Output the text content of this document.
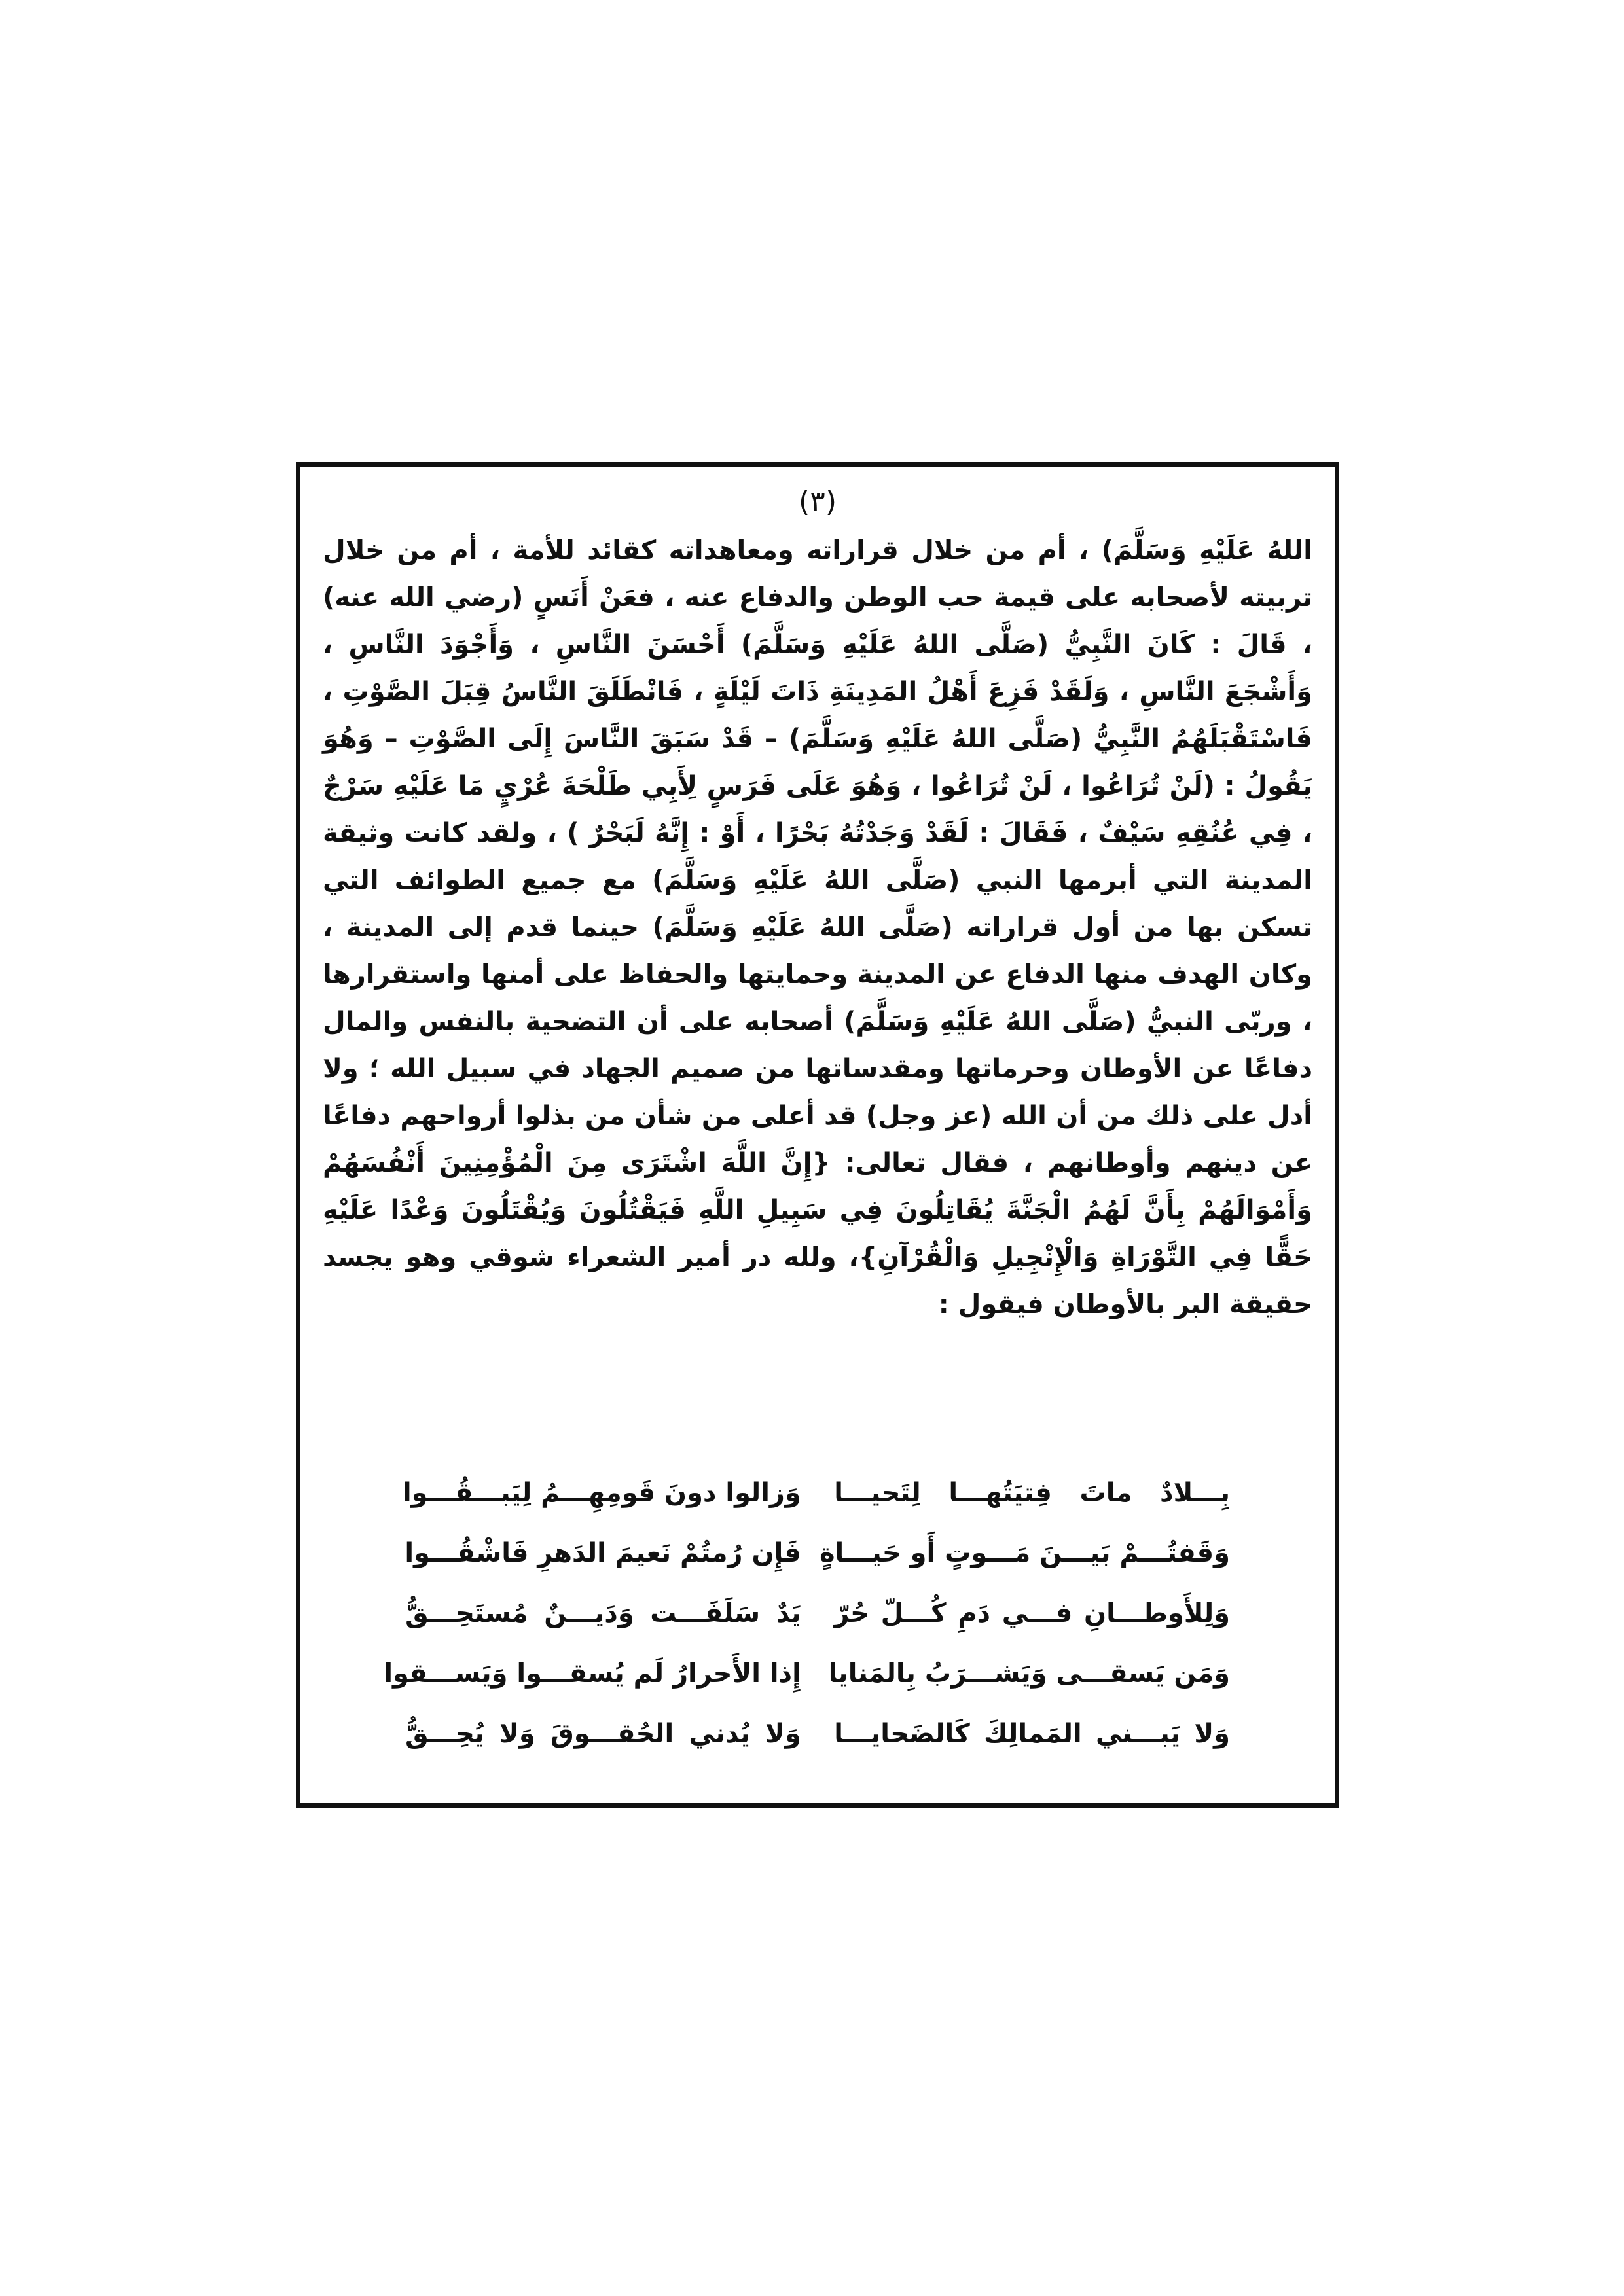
(٣)

اللهُ عَلَيْهِ وَسَلَّمَ) ، أم من خلال قراراته ومعاهداته كقائد للأمة ، أم من خلال تربيته لأصحابه على قيمة حب الوطن والدفاع عنه ، فعَنْ أَنَسٍ (رضي الله عنه) ، قَالَ : كَانَ النَّبِيُّ (صَلَّى اللهُ عَلَيْهِ وَسَلَّمَ) أَحْسَنَ النَّاسِ ، وَأَجْوَدَ النَّاسِ ، وَأَشْجَعَ النَّاسِ ، وَلَقَدْ فَزِعَ أَهْلُ المَدِينَةِ ذَاتَ لَيْلَةٍ ، فَانْطَلَقَ النَّاسُ قِبَلَ الصَّوْتِ ، فَاسْتَقْبَلَهُمُ النَّبِيُّ (صَلَّى اللهُ عَلَيْهِ وَسَلَّمَ) – قَدْ سَبَقَ النَّاسَ إِلَى الصَّوْتِ – وَهُوَ يَقُولُ : (لَنْ تُرَاعُوا ، لَنْ تُرَاعُوا ، وَهُوَ عَلَى فَرَسٍ لِأَبِي طَلْحَةَ عُرْيٍ مَا عَلَيْهِ سَرْجٌ ، فِي عُنُقِهِ سَيْفٌ ، فَقَالَ : لَقَدْ وَجَدْتُهُ بَحْرًا ، أَوْ : إِنَّهُ لَبَحْرٌ ) ، ولقد كانت وثيقة المدينة التي أبرمها النبي (صَلَّى اللهُ عَلَيْهِ وَسَلَّمَ) مع جميع الطوائف التي تسكن بها من أول قراراته (صَلَّى اللهُ عَلَيْهِ وَسَلَّمَ) حينما قدم إلى المدينة ، وكان الهدف منها الدفاع عن المدينة وحمايتها والحفاظ على أمنها واستقرارها ، وربّى النبيُّ (صَلَّى اللهُ عَلَيْهِ وَسَلَّمَ) أصحابه على أن التضحية بالنفس والمال دفاعًا عن الأوطان وحرماتها ومقدساتها من صميم الجهاد في سبيل الله ؛ ولا أدل على ذلك من أن الله (عز وجل) قد أعلى من شأن من بذلوا أرواحهم دفاعًا عن دينهم وأوطانهم ، فقال تعالى: {إِنَّ اللَّهَ اشْتَرَى مِنَ الْمُؤْمِنِينَ أَنْفُسَهُمْ وَأَمْوَالَهُمْ بِأَنَّ لَهُمُ الْجَنَّةَ يُقَاتِلُونَ فِي سَبِيلِ اللَّهِ فَيَقْتُلُونَ وَيُقْتَلُونَ وَعْدًا عَلَيْهِ حَقًّا فِي التَّوْرَاةِ وَالْإِنْجِيلِ وَالْقُرْآنِ}، ولله در أمير الشعراء شوقي وهو يجسد حقيقة البر بالأوطان فيقول :

بِـــلادٌ ماتَ فِتيَتُهـــا لِتَحيـــا
وَزالوا دونَ قَومِهِـــمُ لِيَبـــقُـــوا
وَقَفتُـــمْ بَيـــنَ مَـــوتٍ أَو حَيـــاةٍ
فَإِن رُمتُمْ نَعيمَ الدَهرِ فَاشْقُـــوا
وَلِلأَوطـــانِ فـــي دَمِ كُـــلّ حُرّ
يَدٌ سَلَفَـــت وَدَيـــنٌ مُستَحِـــقُّ
وَمَن يَسقـــى وَيَشـــرَبُ بِالمَنايا
إِذا الأَحرارُ لَم يُسقـــوا وَيَســـقوا
وَلا يَبـــني المَمالِكَ كَالضَحايـــا
وَلا يُدني الحُقـــوقَ وَلا يُحِـــقُّ
